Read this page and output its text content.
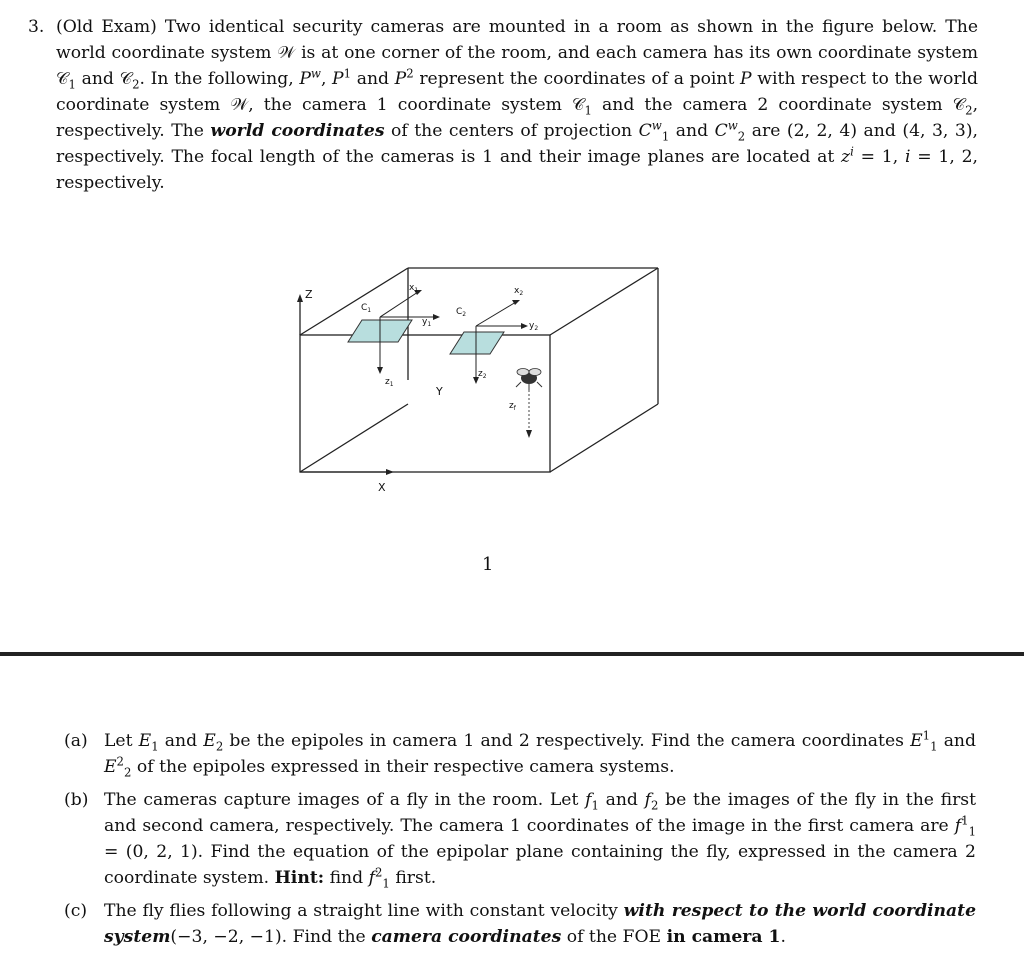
3. (Old Exam) Two identical security cameras are mounted in a room as shown in the figure below. The world coordinate system 𝒲 is at one corner of the room, and each camera has its own coordinate system 𝒞$_1$ and 𝒞$_2$. In the following, $P^w$, $P^1$ and $P^2$ represent the coordinates of a point P with respect to the world coordinate system 𝒲, the camera 1 coordinate system 𝒞$_1$ and the camera 2 coordinate system 𝒞$_2$, respectively. The world coordinates of the centers of projection $C^w_1$ and $C^w_2$ are (2, 2, 4) and (4, 3, 3), respectively. The focal length of the cameras is 1 and their image planes are located at $z^i = 1$, i = 1, 2, respectively.
Z
X
Y
$C_1$	$C_2$
$x_1$
$y_1$
$z_1$
$x_2$
$y_2$
$z_2$
$z_f$
1
(a) Let $E_1$ and $E_2$ be the epipoles in camera 1 and 2 respectively. Find the camera coordinates $E^1_1$ and $E^2_2$ of the epipoles expressed in their respective camera systems.
(b) The cameras capture images of a fly in the room. Let $f_1$ and $f_2$ be the images of the fly in the first and second camera, respectively. The camera 1 coordinates of the image in the first camera are $f^1_1 = (0$, 2, 1). Find the equation of the epipolar plane containing the fly, expressed in the camera 2 coordinate system. Hint: find $f^2_1$ first.
(c) The fly flies following a straight line with constant velocity with respect to the world coordinate system(−3, −2, −1). Find the camera coordinates of the FOE in camera 1.
